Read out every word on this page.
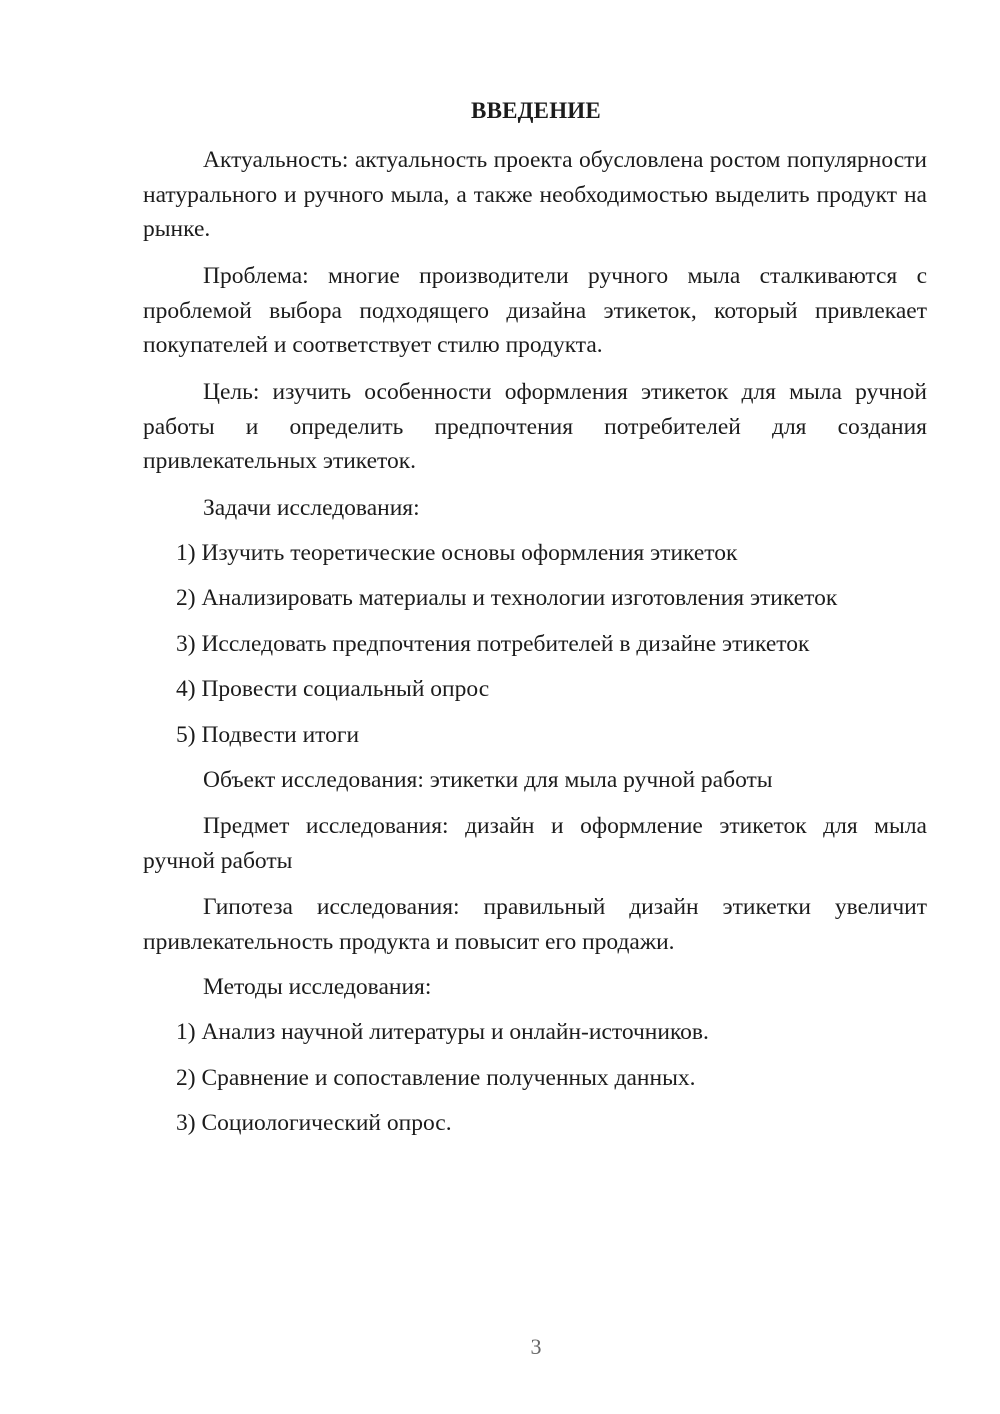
ВВЕДЕНИЕ
Актуальность: актуальность проекта обусловлена ростом популярности натурального и ручного мыла, а также необходимостью выделить продукт на рынке.
Проблема: многие производители ручного мыла сталкиваются с проблемой выбора подходящего дизайна этикеток, который привлекает покупателей и соответствует стилю продукта.
Цель: изучить особенности оформления этикеток для мыла ручной работы и определить предпочтения потребителей для создания привлекательных этикеток.
Задачи исследования:
1) Изучить теоретические основы оформления этикеток
2) Анализировать материалы и технологии изготовления этикеток
3) Исследовать предпочтения потребителей в дизайне этикеток
4) Провести социальный опрос
5) Подвести итоги
Объект исследования: этикетки для мыла ручной работы
Предмет исследования: дизайн и оформление этикеток для мыла ручной работы
Гипотеза исследования: правильный дизайн этикетки увеличит привлекательность продукта и повысит его продажи.
Методы исследования:
1) Анализ научной литературы и онлайн-источников.
2) Сравнение и сопоставление полученных данных.
3) Социологический опрос.
3
